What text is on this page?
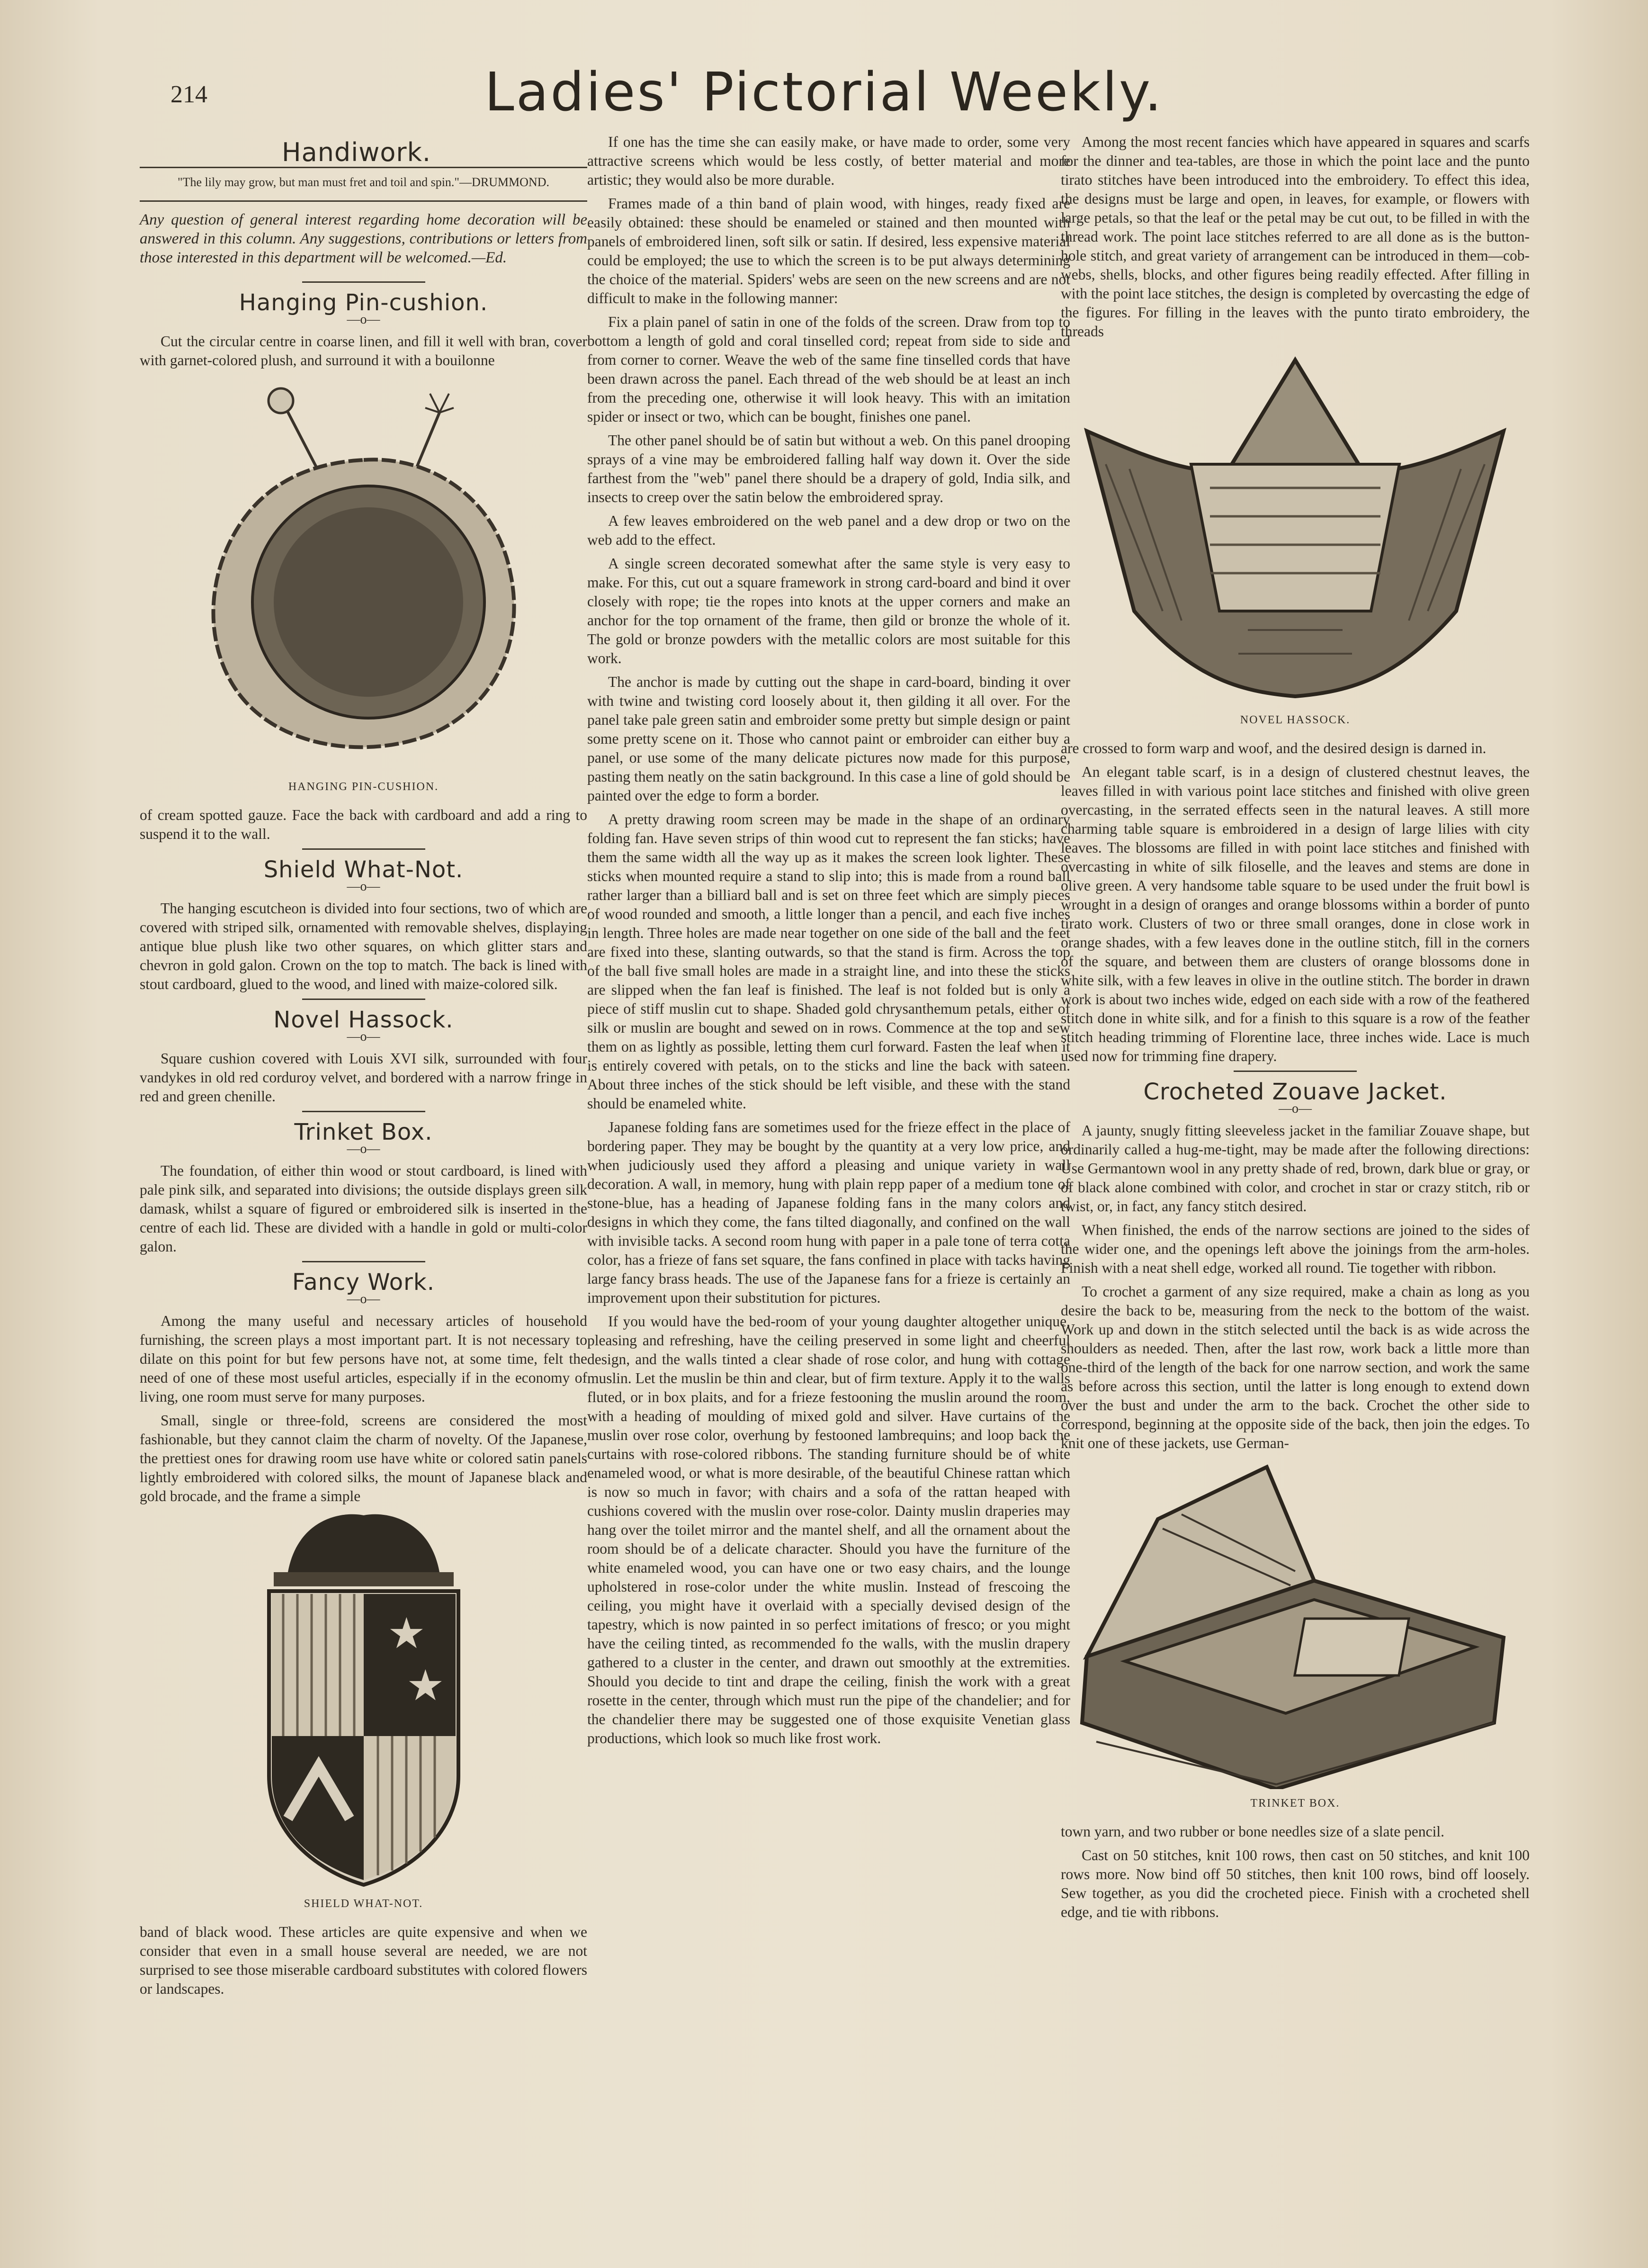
214	Ladies' Pictorial Weekly.
Handiwork.
"The lily may grow, but man must fret and toil and spin."—DRUMMOND.
Any question of general interest regarding home decoration will be answered in this column. Any suggestions, contributions or letters from those interested in this department will be welcomed.—Ed.
Hanging Pin-cushion.
—o—

Cut the circular centre in coarse linen, and fill it well with bran, cover with garnet-colored plush, and surround it with a bouilonne

HANGING PIN-CUSHION.

of cream spotted gauze. Face the back with cardboard and add a ring to suspend it to the wall.

Shield What-Not.
—o—

The hanging escutcheon is divided into four sections, two of which are covered with striped silk, ornamented with removable shelves, displaying antique blue plush like two other squares, on which glitter stars and chevron in gold galon. Crown on the top to match. The back is lined with stout cardboard, glued to the wood, and lined with maize-colored silk.

Novel Hassock.
—o—

Square cushion covered with Louis XVI silk, surrounded with four vandykes in old red corduroy velvet, and bordered with a narrow fringe in red and green chenille.

Trinket Box.
—o—

The foundation, of either thin wood or stout cardboard, is lined with pale pink silk, and separated into divisions; the outside displays green silk damask, whilst a square of figured or embroidered silk is inserted in the centre of each lid. These are divided with a handle in gold or multi-color galon.

Fancy Work.
—o—

Among the many useful and necessary articles of household furnishing, the screen plays a most important part. It is not necessary to dilate on this point for but few persons have not, at some time, felt the need of one of these most useful articles, especially if in the economy of living, one room must serve for many purposes.

Small, single or three-fold, screens are considered the most fashionable, but they cannot claim the charm of novelty. Of the Japanese, the prettiest ones for drawing room use have white or colored satin panels lightly embroidered with colored silks, the mount of Japanese black and gold brocade, and the frame a simple

★
★
SHIELD WHAT-NOT.

band of black wood. These articles are quite expensive and when we consider that even in a small house several are needed, we are not surprised to see those miserable cardboard substitutes with colored flowers or landscapes.

If one has the time she can easily make, or have made to order, some very attractive screens which would be less costly, of better material and more artistic; they would also be more durable.

Frames made of a thin band of plain wood, with hinges, ready fixed are easily obtained: these should be enameled or stained and then mounted with panels of embroidered linen, soft silk or satin. If desired, less expensive material could be employed; the use to which the screen is to be put always determining the choice of the material. Spiders' webs are seen on the new screens and are not difficult to make in the following manner:

Fix a plain panel of satin in one of the folds of the screen. Draw from top to bottom a length of gold and coral tinselled cord; repeat from side to side and from corner to corner. Weave the web of the same fine tinselled cords that have been drawn across the panel. Each thread of the web should be at least an inch from the preceding one, otherwise it will look heavy. This with an imitation spider or insect or two, which can be bought, finishes one panel.

The other panel should be of satin but without a web. On this panel drooping sprays of a vine may be embroidered falling half way down it. Over the side farthest from the "web" panel there should be a drapery of gold, India silk, and insects to creep over the satin below the embroidered spray.

A few leaves embroidered on the web panel and a dew drop or two on the web add to the effect.

A single screen decorated somewhat after the same style is very easy to make. For this, cut out a square framework in strong card-board and bind it over closely with rope; tie the ropes into knots at the upper corners and make an anchor for the top ornament of the frame, then gild or bronze the whole of it. The gold or bronze powders with the metallic colors are most suitable for this work.

The anchor is made by cutting out the shape in card-board, binding it over with twine and twisting cord loosely about it, then gilding it all over. For the panel take pale green satin and embroider some pretty but simple design or paint some pretty scene on it. Those who cannot paint or embroider can either buy a panel, or use some of the many delicate pictures now made for this purpose, pasting them neatly on the satin background. In this case a line of gold should be painted over the edge to form a border.

A pretty drawing room screen may be made in the shape of an ordinary folding fan. Have seven strips of thin wood cut to represent the fan sticks; have them the same width all the way up as it makes the screen look lighter. These sticks when mounted require a stand to slip into; this is made from a round ball rather larger than a billiard ball and is set on three feet which are simply pieces of wood rounded and smooth, a little longer than a pencil, and each five inches in length. Three holes are made near together on one side of the ball and the feet are fixed into these, slanting outwards, so that the stand is firm. Across the top of the ball five small holes are made in a straight line, and into these the sticks are slipped when the fan leaf is finished. The leaf is not folded but is only a piece of stiff muslin cut to shape. Shaded gold chrysanthemum petals, either of silk or muslin are bought and sewed on in rows. Commence at the top and sew them on as lightly as possible, letting them curl forward. Fasten the leaf when it is entirely covered with petals, on to the sticks and line the back with sateen. About three inches of the stick should be left visible, and these with the stand should be enameled white.

Japanese folding fans are sometimes used for the frieze effect in the place of bordering paper. They may be bought by the quantity at a very low price, and when judiciously used they afford a pleasing and unique variety in wall decoration. A wall, in memory, hung with plain repp paper of a medium tone of stone-blue, has a heading of Japanese folding fans in the many colors and designs in which they come, the fans tilted diagonally, and confined on the wall with invisible tacks. A second room hung with paper in a pale tone of terra cotta color, has a frieze of fans set square, the fans confined in place with tacks having large fancy brass heads. The use of the Japanese fans for a frieze is certainly an improvement upon their substitution for pictures.

If you would have the bed-room of your young daughter altogether unique, pleasing and refreshing, have the ceiling preserved in some light and cheerful design, and the walls tinted a clear shade of rose color, and hung with cottage muslin. Let the muslin be thin and clear, but of firm texture. Apply it to the walls fluted, or in box plaits, and for a frieze festooning the muslin around the room, with a heading of moulding of mixed gold and silver. Have curtains of the muslin over rose color, overhung by festooned lambrequins; and loop back the curtains with rose-colored ribbons. The standing furniture should be of white enameled wood, or what is more desirable, of the beautiful Chinese rattan which is now so much in favor; with chairs and a sofa of the rattan heaped with cushions covered with the muslin over rose-color. Dainty muslin draperies may hang over the toilet mirror and the mantel shelf, and all the ornament about the room should be of a delicate character. Should you have the furniture of the white enameled wood, you can have one or two easy chairs, and the lounge upholstered in rose-color under the white muslin. Instead of frescoing the ceiling, you might have it overlaid with a specially devised design of the tapestry, which is now painted in so perfect imitations of fresco; or you might have the ceiling tinted, as recommended fo the walls, with the muslin drapery gathered to a cluster in the center, and drawn out smoothly at the extremities. Should you decide to tint and drape the ceiling, finish the work with a great rosette in the center, through which must run the pipe of the chandelier; and for the chandelier there may be suggested one of those exquisite Venetian glass productions, which look so much like frost work.

Among the most recent fancies which have appeared in squares and scarfs for the dinner and tea-tables, are those in which the point lace and the punto tirato stitches have been introduced into the embroidery. To effect this idea, the designs must be large and open, in leaves, for example, or flowers with large petals, so that the leaf or the petal may be cut out, to be filled in with the thread work. The point lace stitches referred to are all done as is the button-hole stitch, and great variety of arrangement can be introduced in them—cob-webs, shells, blocks, and other figures being readily effected. After filling in with the point lace stitches, the design is completed by overcasting the edge of the figures. For filling in the leaves with the punto tirato embroidery, the threads

NOVEL HASSOCK.

are crossed to form warp and woof, and the desired design is darned in.

An elegant table scarf, is in a design of clustered chestnut leaves, the leaves filled in with various point lace stitches and finished with olive green overcasting, in the serrated effects seen in the natural leaves. A still more charming table square is embroidered in a design of large lilies with city leaves. The blossoms are filled in with point lace stitches and finished with overcasting in white of silk filoselle, and the leaves and stems are done in olive green. A very handsome table square to be used under the fruit bowl is wrought in a design of oranges and orange blossoms within a border of punto tirato work. Clusters of two or three small oranges, done in close work in orange shades, with a few leaves done in the outline stitch, fill in the corners of the square, and between them are clusters of orange blossoms done in white silk, with a few leaves in olive in the outline stitch. The border in drawn work is about two inches wide, edged on each side with a row of the feathered stitch done in white silk, and for a finish to this square is a row of the feather stitch heading trimming of Florentine lace, three inches wide. Lace is much used now for trimming fine drapery.

Crocheted Zouave Jacket.
—o—

A jaunty, snugly fitting sleeveless jacket in the familiar Zouave shape, but ordinarily called a hug-me-tight, may be made after the following directions: Use Germantown wool in any pretty shade of red, brown, dark blue or gray, or of black alone combined with color, and crochet in star or crazy stitch, rib or twist, or, in fact, any fancy stitch desired.

When finished, the ends of the narrow sections are joined to the sides of the wider one, and the openings left above the joinings from the arm-holes. Finish with a neat shell edge, worked all round. Tie together with ribbon.

To crochet a garment of any size required, make a chain as long as you desire the back to be, measuring from the neck to the bottom of the waist. Work up and down in the stitch selected until the back is as wide across the shoulders as needed. Then, after the last row, work back a little more than one-third of the length of the back for one narrow section, and work the same as before across this section, until the latter is long enough to extend down over the bust and under the arm to the back. Crochet the other side to correspond, beginning at the opposite side of the back, then join the edges. To knit one of these jackets, use German-

TRINKET BOX.

town yarn, and two rubber or bone needles size of a slate pencil.

Cast on 50 stitches, knit 100 rows, then cast on 50 stitches, and knit 100 rows more. Now bind off 50 stitches, then knit 100 rows, bind off loosely. Sew together, as you did the crocheted piece. Finish with a crocheted shell edge, and tie with ribbons.
